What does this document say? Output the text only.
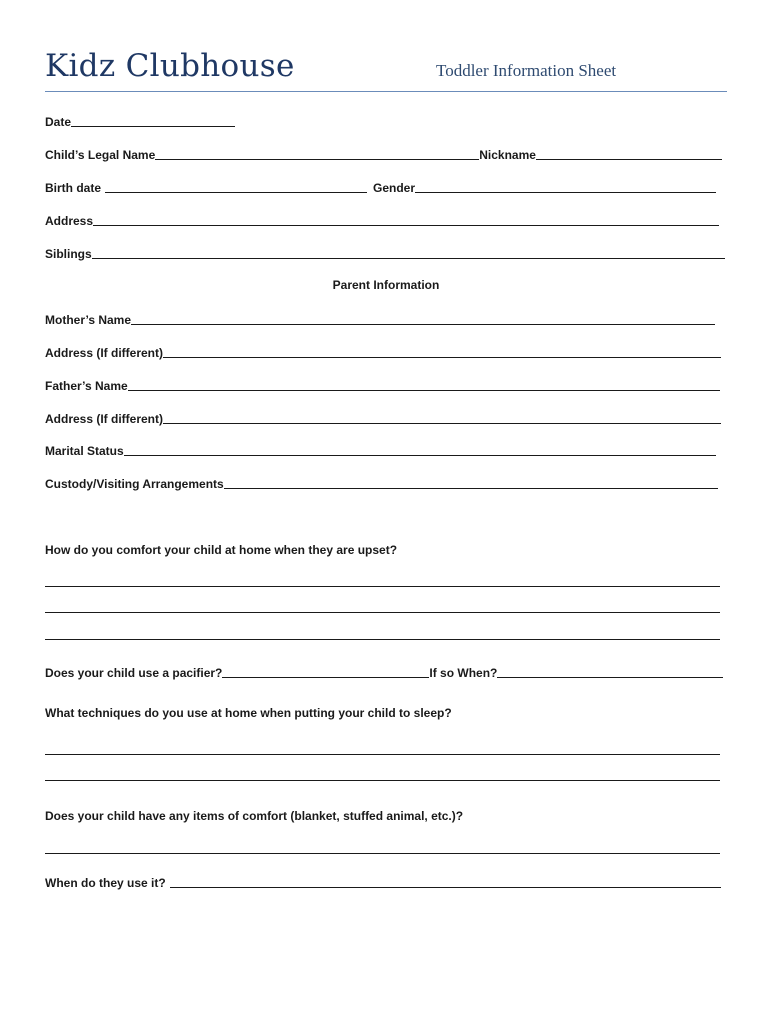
Kidz Clubhouse	Toddler Information Sheet
Date
Child’s Legal Name	Nickname
Birth date	Gender
Address
Siblings
Parent Information
Mother’s Name
Address (If different)
Father’s Name
Address (If different)
Marital Status
Custody/Visiting Arrangements
How do you comfort your child at home when they are upset?
Does your child use a pacifier?	If so When?
What techniques do you use at home when putting your child to sleep?
Does your child have any items of comfort (blanket, stuffed animal, etc.)?
When do they use it?
